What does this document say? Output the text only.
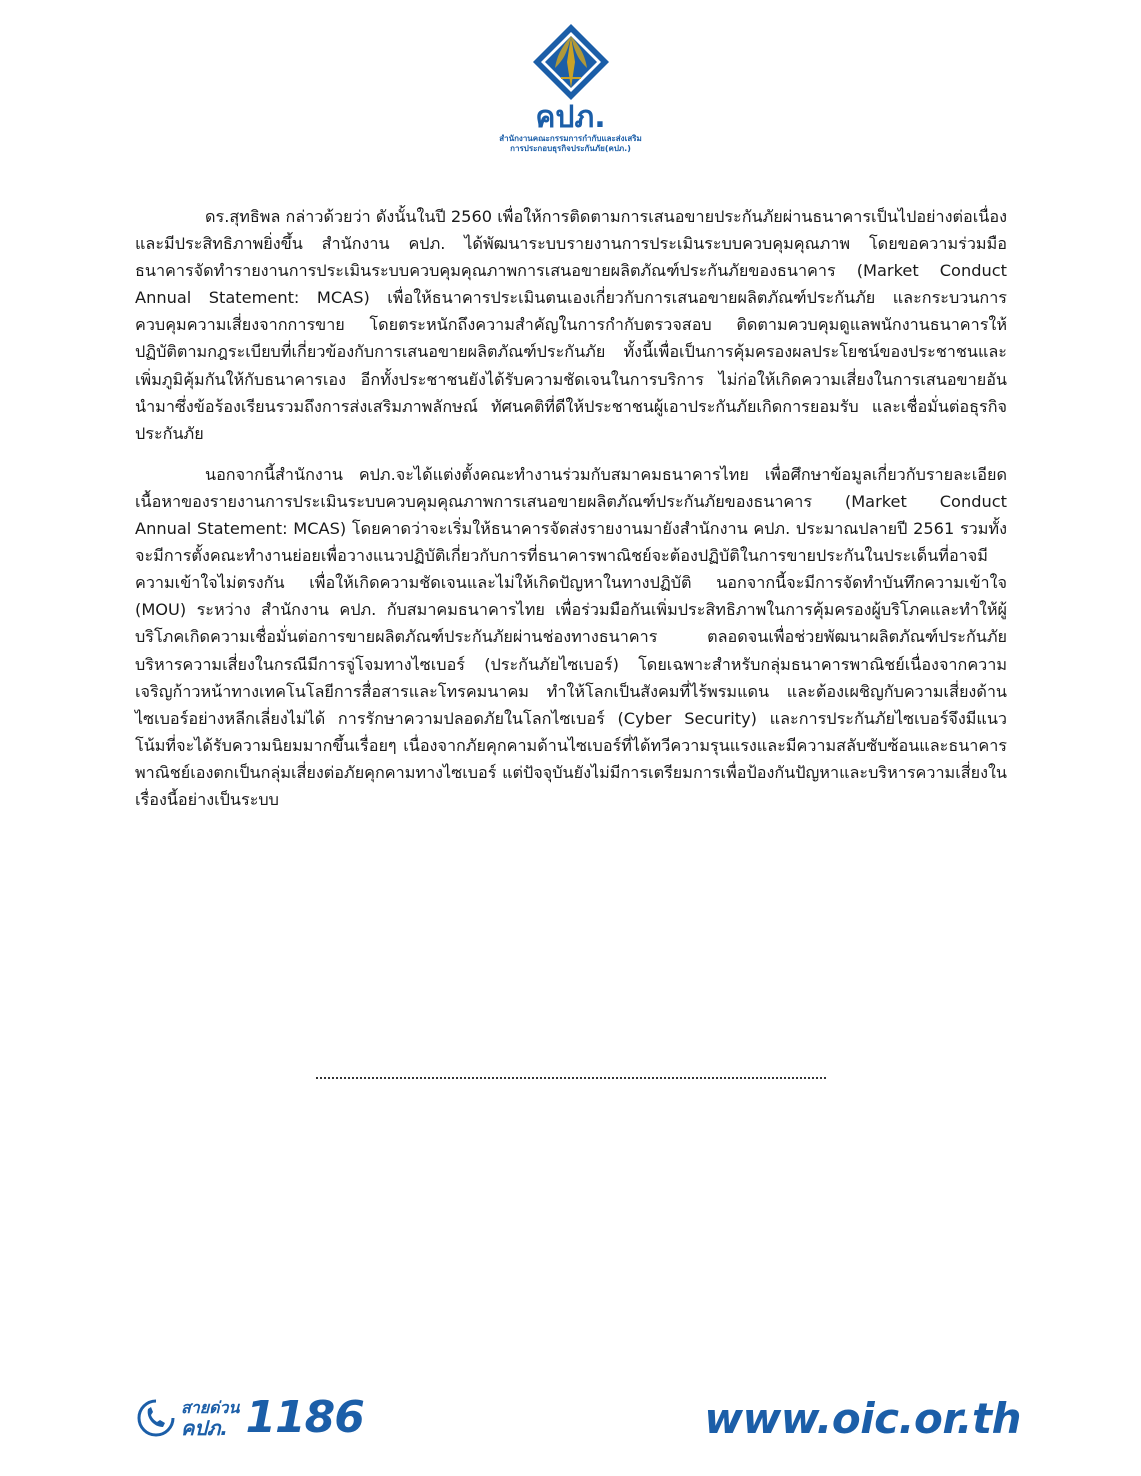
คปภ.
สำนักงานคณะกรรมการกำกับและส่งเสริม
การประกอบธุรกิจประกันภัย(คปภ.)

ดร.สุทธิพล กล่าวด้วยว่า ดังนั้นในปี 2560 เพื่อให้การติดตามการเสนอขายประกันภัยผ่านธนาคารเป็นไปอย่างต่อเนื่องและมีประสิทธิภาพยิ่งขึ้น สำนักงาน คปภ. ได้พัฒนาระบบรายงานการประเมินระบบควบคุมคุณภาพ โดยขอความร่วมมือธนาคารจัดทำรายงานการประเมินระบบควบคุมคุณภาพการเสนอขายผลิตภัณฑ์ประกันภัยของธนาคาร (Market Conduct Annual Statement: MCAS) เพื่อให้ธนาคารประเมินตนเองเกี่ยวกับการเสนอขายผลิตภัณฑ์ประกันภัย และกระบวนการควบคุมความเสี่ยงจากการขาย โดยตระหนักถึงความสำคัญในการกำกับตรวจสอบ ติดตามควบคุมดูแลพนักงานธนาคารให้ปฏิบัติตามกฎระเบียบที่เกี่ยวข้องกับการเสนอขายผลิตภัณฑ์ประกันภัย ทั้งนี้เพื่อเป็นการคุ้มครองผลประโยชน์ของประชาชนและเพิ่มภูมิคุ้มกันให้กับธนาคารเอง อีกทั้งประชาชนยังได้รับความชัดเจนในการบริการ ไม่ก่อให้เกิดความเสี่ยงในการเสนอขายอันนำมาซึ่งข้อร้องเรียนรวมถึงการส่งเสริมภาพลักษณ์ ทัศนคติที่ดีให้ประชาชนผู้เอาประกันภัยเกิดการยอมรับ และเชื่อมั่นต่อธุรกิจประกันภัย

นอกจากนี้สำนักงาน คปภ.จะได้แต่งตั้งคณะทำงานร่วมกับสมาคมธนาคารไทย เพื่อศึกษาข้อมูลเกี่ยวกับรายละเอียดเนื้อหาของรายงานการประเมินระบบควบคุมคุณภาพการเสนอขายผลิตภัณฑ์ประกันภัยของธนาคาร (Market Conduct Annual Statement: MCAS) โดยคาดว่าจะเริ่มให้ธนาคารจัดส่งรายงานมายังสำนักงาน คปภ. ประมาณปลายปี 2561 รวมทั้งจะมีการตั้งคณะทำงานย่อยเพื่อวางแนวปฏิบัติเกี่ยวกับการที่ธนาคารพาณิชย์จะต้องปฏิบัติในการขายประกันในประเด็นที่อาจมีความเข้าใจไม่ตรงกัน เพื่อให้เกิดความชัดเจนและไม่ให้เกิดปัญหาในทางปฏิบัติ นอกจากนี้จะมีการจัดทำบันทึกความเข้าใจ (MOU) ระหว่าง สำนักงาน คปภ. กับสมาคมธนาคารไทย เพื่อร่วมมือกันเพิ่มประสิทธิภาพในการคุ้มครองผู้บริโภคและทำให้ผู้บริโภคเกิดความเชื่อมั่นต่อการขายผลิตภัณฑ์ประกันภัยผ่านช่องทางธนาคาร ตลอดจนเพื่อช่วยพัฒนาผลิตภัณฑ์ประกันภัยบริหารความเสี่ยงในกรณีมีการจู่โจมทางไซเบอร์ (ประกันภัยไซเบอร์) โดยเฉพาะสำหรับกลุ่มธนาคารพาณิชย์เนื่องจากความเจริญก้าวหน้าทางเทคโนโลยีการสื่อสารและโทรคมนาคม ทำให้โลกเป็นสังคมที่ไร้พรมแดน และต้องเผชิญกับความเสี่ยงด้านไซเบอร์อย่างหลีกเลี่ยงไม่ได้ การรักษาความปลอดภัยในโลกไซเบอร์ (Cyber Security) และการประกันภัยไซเบอร์จึงมีแนวโน้มที่จะได้รับความนิยมมากขึ้นเรื่อยๆ เนื่องจากภัยคุกคามด้านไซเบอร์ที่ได้ทวีความรุนแรงและมีความสลับซับซ้อนและธนาคารพาณิชย์เองตกเป็นกลุ่มเสี่ยงต่อภัยคุกคามทางไซเบอร์ แต่ปัจจุบันยังไม่มีการเตรียมการเพื่อป้องกันปัญหาและบริหารความเสี่ยงในเรื่องนี้อย่างเป็นระบบ

สายด่วน
คปภ. 1186	www.oic.or.th
